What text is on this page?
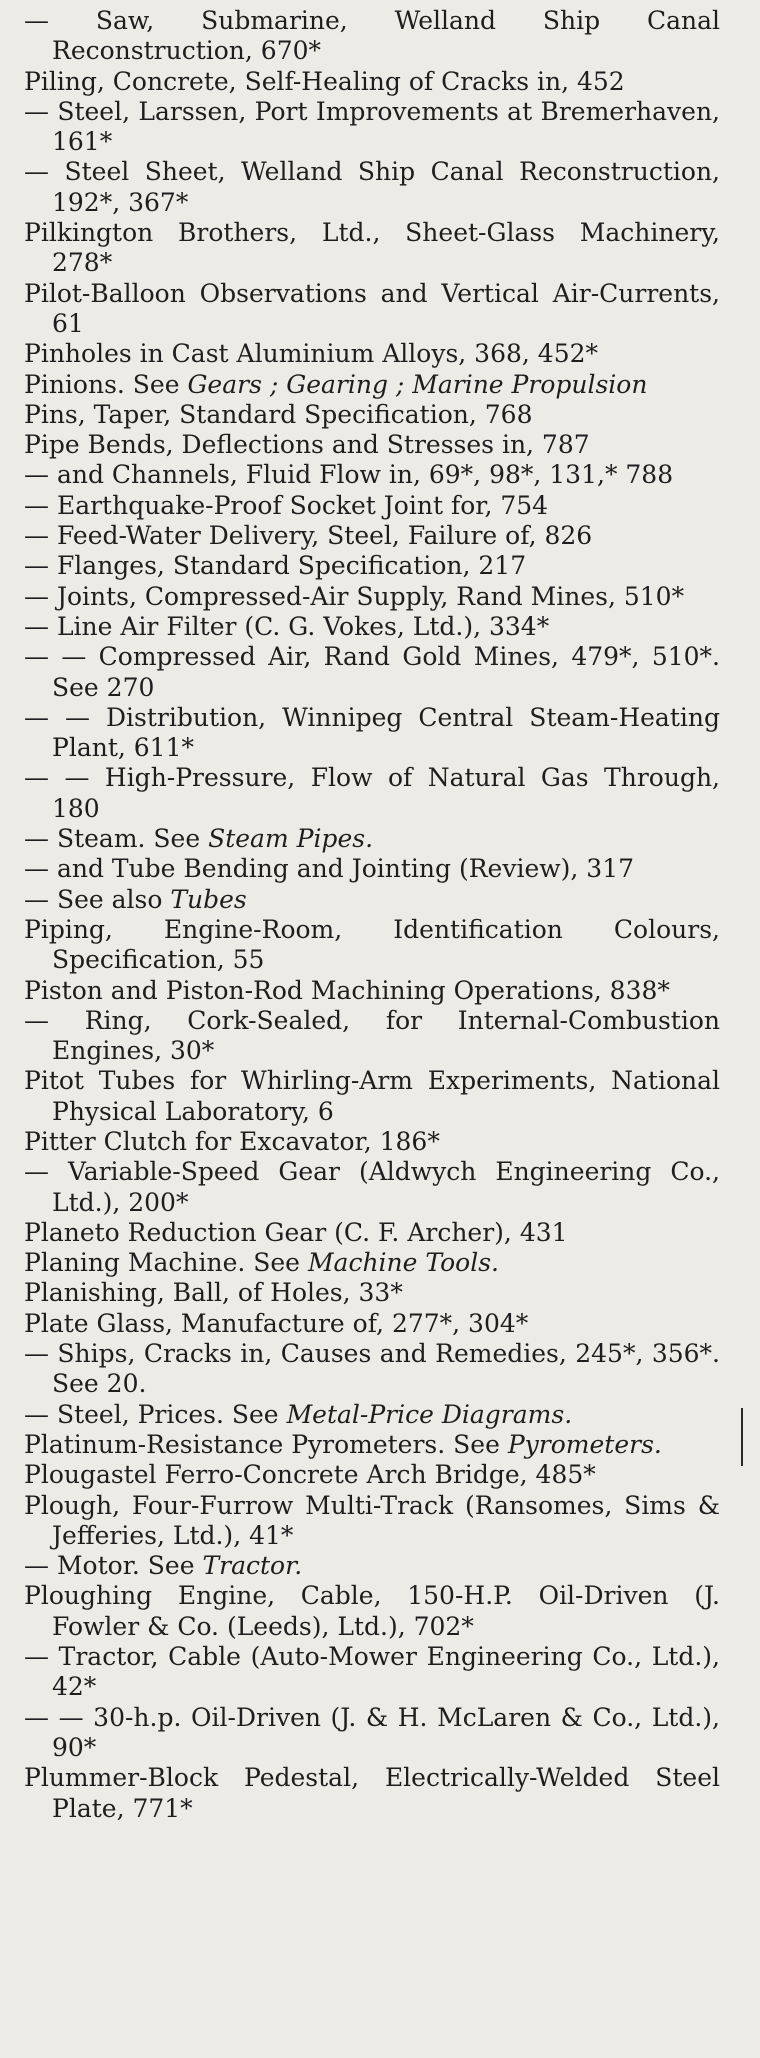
— Saw, Submarine, Welland Ship Canal Reconstruction, 670*
Piling, Concrete, Self-Healing of Cracks in, 452
— Steel, Larssen, Port Improvements at Bremerhaven, 161*
— Steel Sheet, Welland Ship Canal Reconstruction, 192*, 367*
Pilkington Brothers, Ltd., Sheet-Glass Machinery, 278*
Pilot-Balloon Observations and Vertical Air-Currents, 61
Pinholes in Cast Aluminium Alloys, 368, 452*
Pinions. See Gears ; Gearing ; Marine Propulsion
Pins, Taper, Standard Specification, 768
Pipe Bends, Deflections and Stresses in, 787
— and Channels, Fluid Flow in, 69*, 98*, 131,* 788
— Earthquake-Proof Socket Joint for, 754
— Feed-Water Delivery, Steel, Failure of, 826
— Flanges, Standard Specification, 217
— Joints, Compressed-Air Supply, Rand Mines, 510*
— Line Air Filter (C. G. Vokes, Ltd.), 334*
— — Compressed Air, Rand Gold Mines, 479*, 510*. See 270
— — Distribution, Winnipeg Central Steam-Heating Plant, 611*
— — High-Pressure, Flow of Natural Gas Through, 180
— Steam. See Steam Pipes.
— and Tube Bending and Jointing (Review), 317
— See also Tubes
Piping, Engine-Room, Identification Colours, Specification, 55
Piston and Piston-Rod Machining Operations, 838*
— Ring, Cork-Sealed, for Internal-Combustion Engines, 30*
Pitot Tubes for Whirling-Arm Experiments, National Physical Laboratory, 6
Pitter Clutch for Excavator, 186*
— Variable-Speed Gear (Aldwych Engineering Co., Ltd.), 200*
Planeto Reduction Gear (C. F. Archer), 431
Planing Machine. See Machine Tools.
Planishing, Ball, of Holes, 33*
Plate Glass, Manufacture of, 277*, 304*
— Ships, Cracks in, Causes and Remedies, 245*, 356*. See 20.
— Steel, Prices. See Metal-Price Diagrams.
Platinum-Resistance Pyrometers. See Pyrometers.
Plougastel Ferro-Concrete Arch Bridge, 485*
Plough, Four-Furrow Multi-Track (Ransomes, Sims & Jefferies, Ltd.), 41*
— Motor. See Tractor.
Ploughing Engine, Cable, 150-H.P. Oil-Driven (J. Fowler & Co. (Leeds), Ltd.), 702*
— Tractor, Cable (Auto-Mower Engineering Co., Ltd.), 42*
— — 30-h.p. Oil-Driven (J. & H. McLaren & Co., Ltd.), 90*
Plummer-Block Pedestal, Electrically-Welded Steel Plate, 771*
